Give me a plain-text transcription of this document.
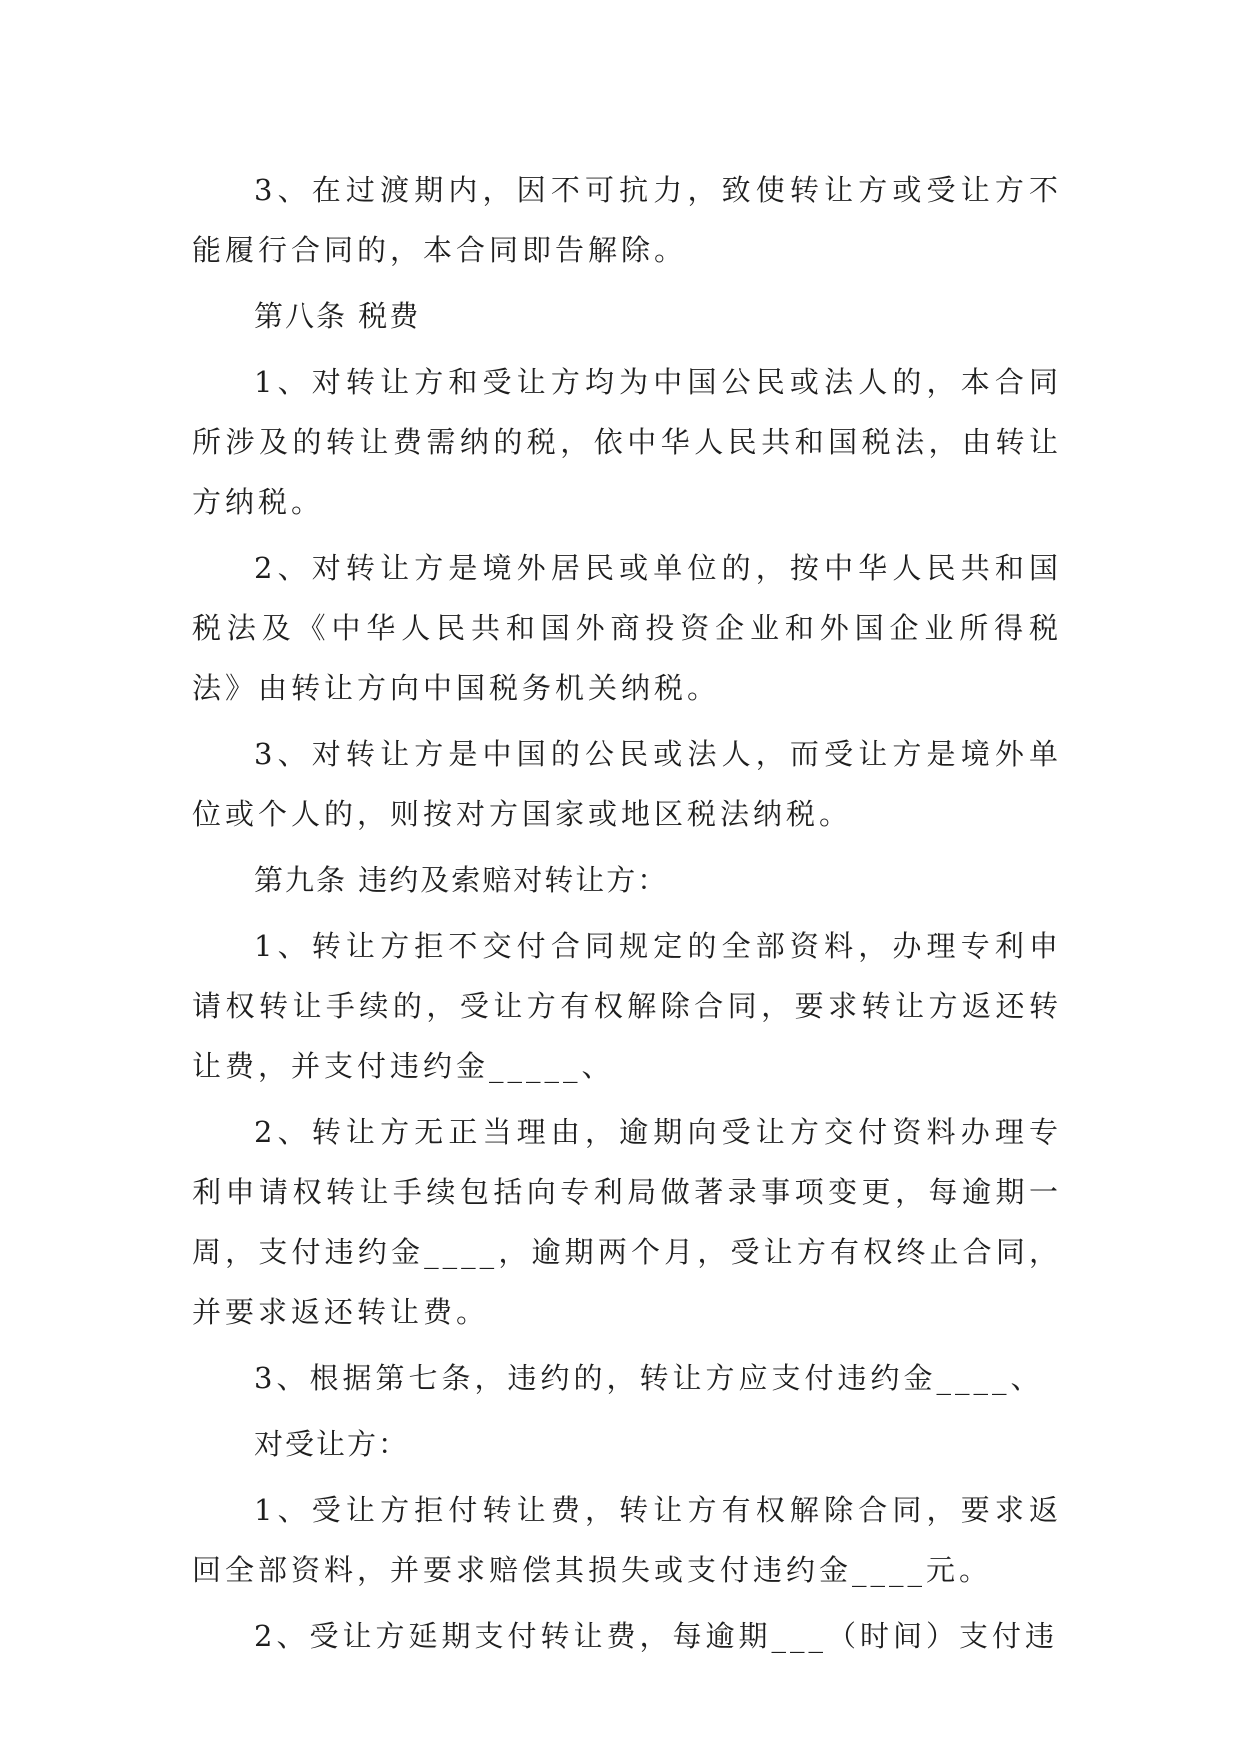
3、在过渡期内，因不可抗力，致使转让方或受让方不能履行合同的，本合同即告解除。

第八条 税费

1、对转让方和受让方均为中国公民或法人的，本合同所涉及的转让费需纳的税，依中华人民共和国税法，由转让方纳税。

2、对转让方是境外居民或单位的，按中华人民共和国税法及《中华人民共和国外商投资企业和外国企业所得税法》由转让方向中国税务机关纳税。

3、对转让方是中国的公民或法人，而受让方是境外单位或个人的，则按对方国家或地区税法纳税。

第九条 违约及索赔对转让方：

1、转让方拒不交付合同规定的全部资料，办理专利申请权转让手续的，受让方有权解除合同，要求转让方返还转让费，并支付违约金_____、

2、转让方无正当理由，逾期向受让方交付资料办理专利申请权转让手续包括向专利局做著录事项变更，每逾期一周，支付违约金____，逾期两个月，受让方有权终止合同，并要求返还转让费。

3、根据第七条，违约的，转让方应支付违约金____、

对受让方：

1、受让方拒付转让费，转让方有权解除合同，要求返回全部资料，并要求赔偿其损失或支付违约金____元。

2、受让方延期支付转让费，每逾期___（时间）支付违
